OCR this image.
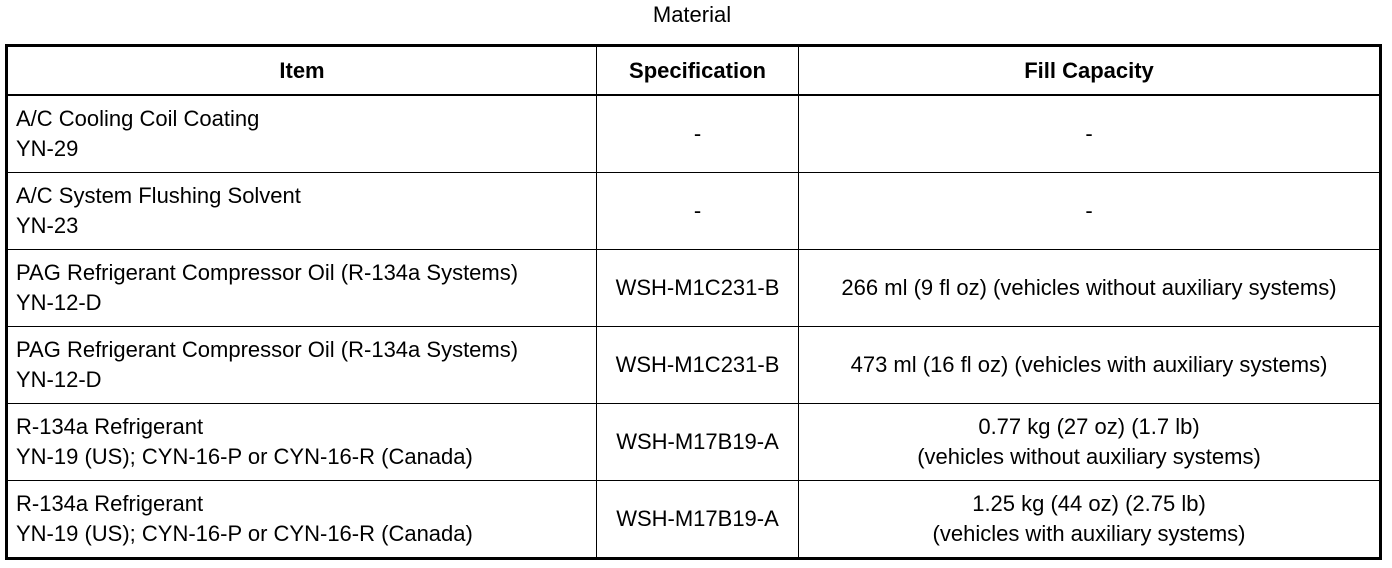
Material
Item	Specification	Fill Capacity

A/C Cooling Coil Coating
YN-29	-	-

A/C System Flushing Solvent
YN-23	-	-

PAG Refrigerant Compressor Oil (R-134a Systems)
YN-12-D	WSH-M1C231-B	266 ml (9 fl oz) (vehicles without auxiliary systems)

PAG Refrigerant Compressor Oil (R-134a Systems)
YN-12-D	WSH-M1C231-B	473 ml (16 fl oz) (vehicles with auxiliary systems)

R-134a Refrigerant
YN-19 (US); CYN-16-P or CYN-16-R (Canada)	WSH-M17B19-A	0.77 kg (27 oz) (1.7 lb)
(vehicles without auxiliary systems)

R-134a Refrigerant
YN-19 (US); CYN-16-P or CYN-16-R (Canada)	WSH-M17B19-A	1.25 kg (44 oz) (2.75 lb)
(vehicles with auxiliary systems)
